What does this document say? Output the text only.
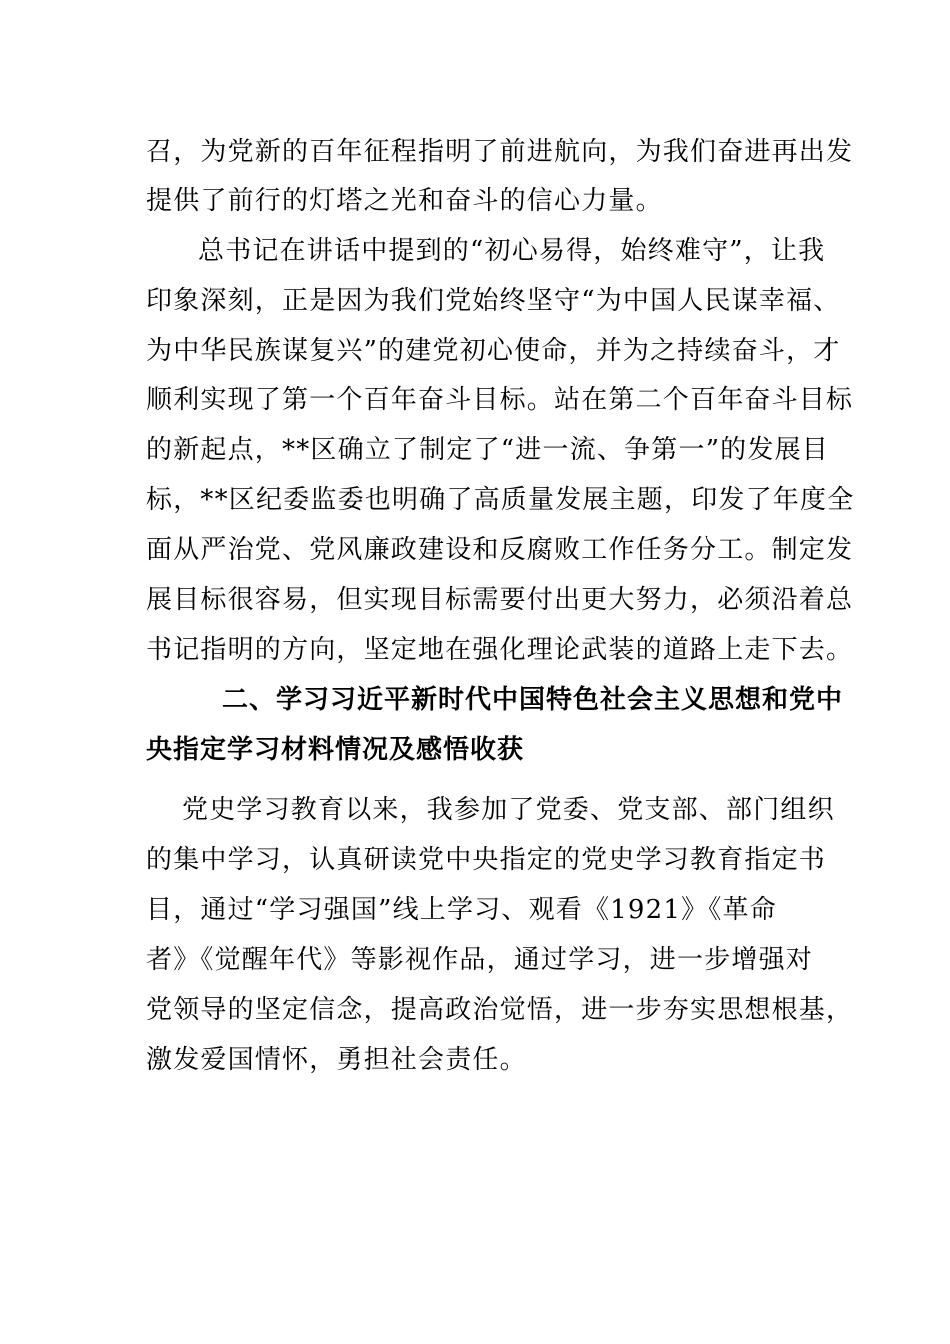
召，为党新的百年征程指明了前进航向，为我们奋进再出发
提供了前行的灯塔之光和奋斗的信心力量。
总书记在讲话中提到的“初心易得，始终难守”，让我
印象深刻，正是因为我们党始终坚守“为中国人民谋幸福、
为中华民族谋复兴”的建党初心使命，并为之持续奋斗，才
顺利实现了第一个百年奋斗目标。站在第二个百年奋斗目标
的新起点，**区确立了制定了“进一流、争第一”的发展目
标，**区纪委监委也明确了高质量发展主题，印发了年度全
面从严治党、党风廉政建设和反腐败工作任务分工。制定发
展目标很容易，但实现目标需要付出更大努力，必须沿着总
书记指明的方向，坚定地在强化理论武装的道路上走下去。
二、学习习近平新时代中国特色社会主义思想和党中
央指定学习材料情况及感悟收获
党史学习教育以来，我参加了党委、党支部、部门组织
的集中学习，认真研读党中央指定的党史学习教育指定书
目，通过“学习强国”线上学习、观看《1921》《革命
者》《觉醒年代》等影视作品，通过学习，进一步增强对
党领导的坚定信念，提高政治觉悟，进一步夯实思想根基，
激发爱国情怀，勇担社会责任。
